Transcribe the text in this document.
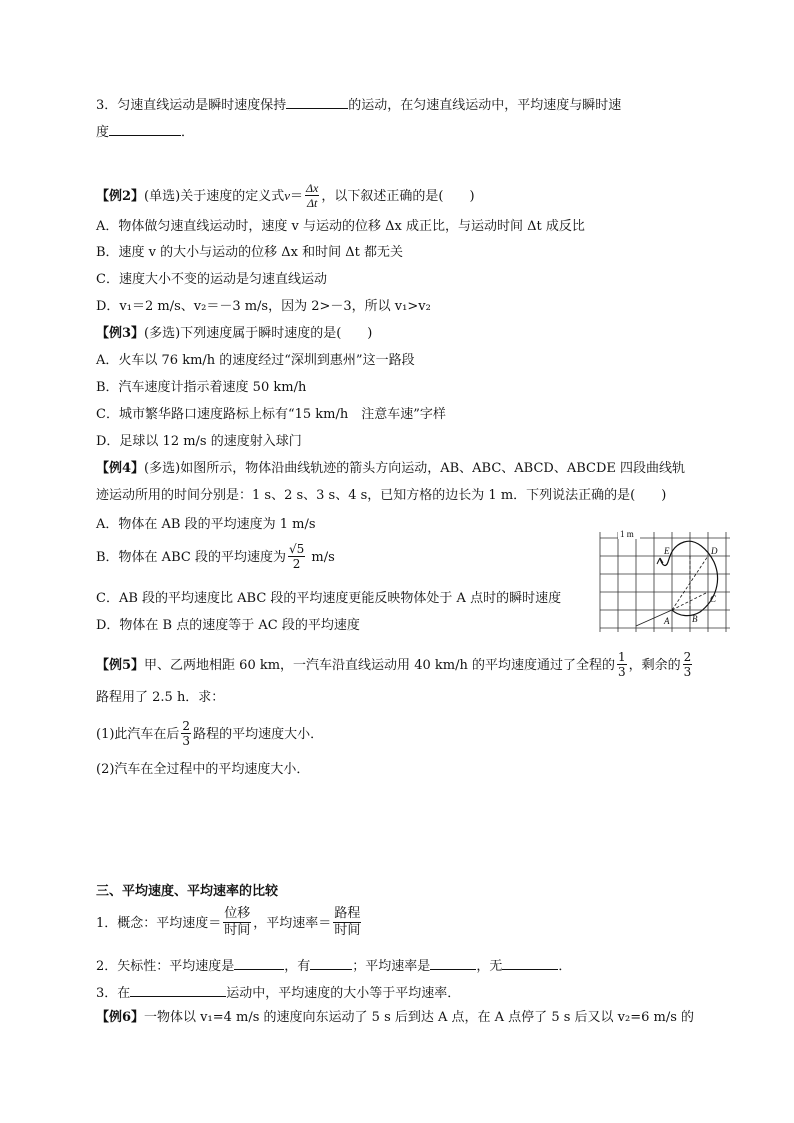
3．匀速直线运动是瞬时速度保持	的运动，在匀速直线运动中，平均速度与瞬时速
度	．
【例2】(单选)关于速度的定义式$v= \frac{\Delta x}{\Delta t}$ ，以下叙述正确的是(　　)
A．物体做匀速直线运动时，速度 v 与运动的位移 Δx 成正比，与运动时间 Δt 成反比
B．速度 v 的大小与运动的位移 Δx 和时间 Δt 都无关
C．速度大小不变的运动是匀速直线运动
D．v₁＝2 m/s、v₂＝－3 m/s，因为 2>－3，所以 v₁>v₂
【例3】(多选)下列速度属于瞬时速度的是(　　)
A．火车以 76 km/h 的速度经过“深圳到惠州”这一路段
B．汽车速度计指示着速度 50 km/h
C．城市繁华路口速度路标上标有“15 km/h　注意车速”字样
D．足球以 12 m/s 的速度射入球门
【例4】(多选)如图所示，物体沿曲线轨迹的箭头方向运动，AB、ABC、ABCD、ABCDE 四段曲线轨
迹运动所用的时间分别是：1 s、2 s、3 s、4 s，已知方格的边长为 1 m．下列说法正确的是(　　)
A．物体在 AB 段的平均速度为 1 m/s
B．物体在 ABC 段的平均速度为 $\frac{√5}{2} m/s$
C．AB 段的平均速度比 ABC 段的平均速度更能反映物体处于 A 点时的瞬时速度
D．物体在 B 点的速度等于 AC 段的平均速度
1 m
A	B
C
D
E
【例5】甲、乙两地相距 60 km，一汽车沿直线运动用 40 km/h 的平均速度通过了全程的 $\frac{1}{3}$ ，剩余的 $\frac{2}{3}$
路程用了 2.5 h．求：
(1)此汽车在后 $\frac{2}{3}$ 路程的平均速度大小．
(2)汽车在全过程中的平均速度大小．
三、平均速度、平均速率的比较
1．概念：平均速度＝ $\frac{\text{位移}}{\text{时间}}$ ，平均速率＝ $\frac{\text{路程}}{\text{时间}}$
2．矢标性：平均速度是	，有	；平均速率是	，无	．
3．在	运动中，平均速度的大小等于平均速率．
【例6】一物体以 v₁=4 m/s 的速度向东运动了 5 s 后到达 A 点，在 A 点停了 5 s 后又以 v₂=6 m/s 的
